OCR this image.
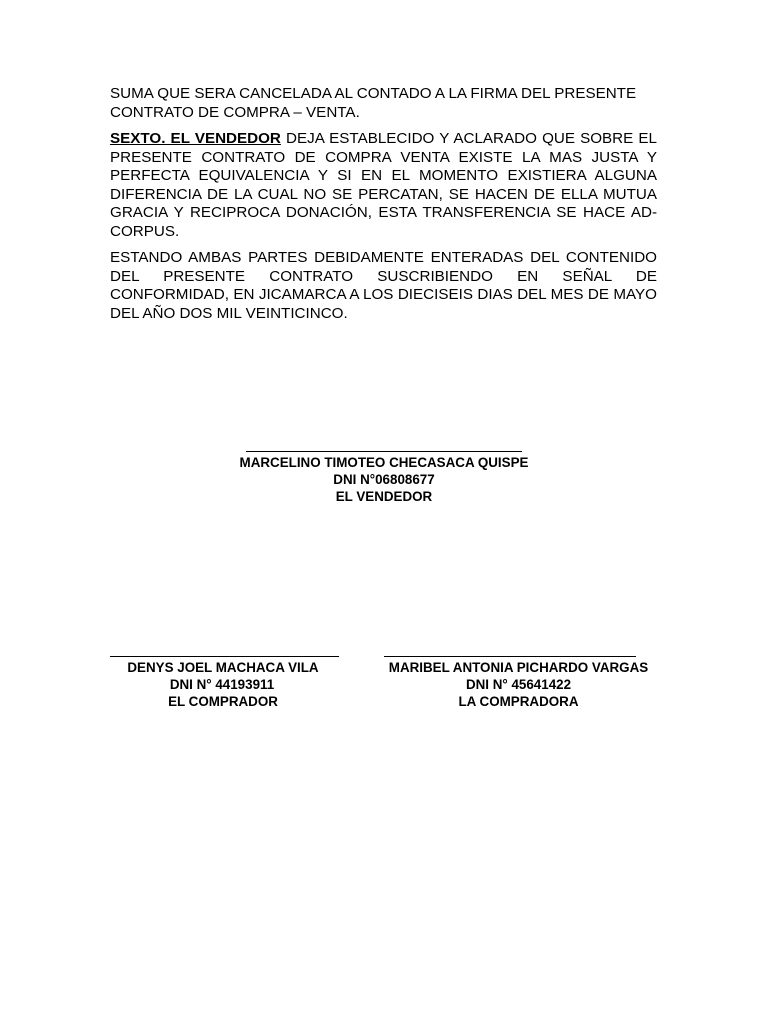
SUMA QUE SERA CANCELADA AL CONTADO A LA FIRMA DEL PRESENTE CONTRATO DE COMPRA – VENTA.

SEXTO. EL VENDEDOR DEJA ESTABLECIDO Y ACLARADO QUE SOBRE EL PRESENTE CONTRATO DE COMPRA VENTA EXISTE LA MAS JUSTA Y PERFECTA EQUIVALENCIA Y SI EN EL MOMENTO EXISTIERA ALGUNA DIFERENCIA DE LA CUAL NO SE PERCATAN, SE HACEN DE ELLA MUTUA GRACIA Y RECIPROCA DONACIÓN, ESTA TRANSFERENCIA SE HACE AD-CORPUS.

ESTANDO AMBAS PARTES DEBIDAMENTE ENTERADAS DEL CONTENIDO DEL PRESENTE CONTRATO SUSCRIBIENDO EN SEÑAL DE CONFORMIDAD, EN JICAMARCA A LOS DIECISEIS DIAS DEL MES DE MAYO DEL AÑO DOS MIL VEINTICINCO.

MARCELINO TIMOTEO CHECASACA QUISPE
DNI N°06808677
EL VENDEDOR
DENYS JOEL MACHACA VILA
DNI N° 44193911
EL COMPRADOR
MARIBEL ANTONIA PICHARDO VARGAS
DNI N° 45641422
LA COMPRADORA
